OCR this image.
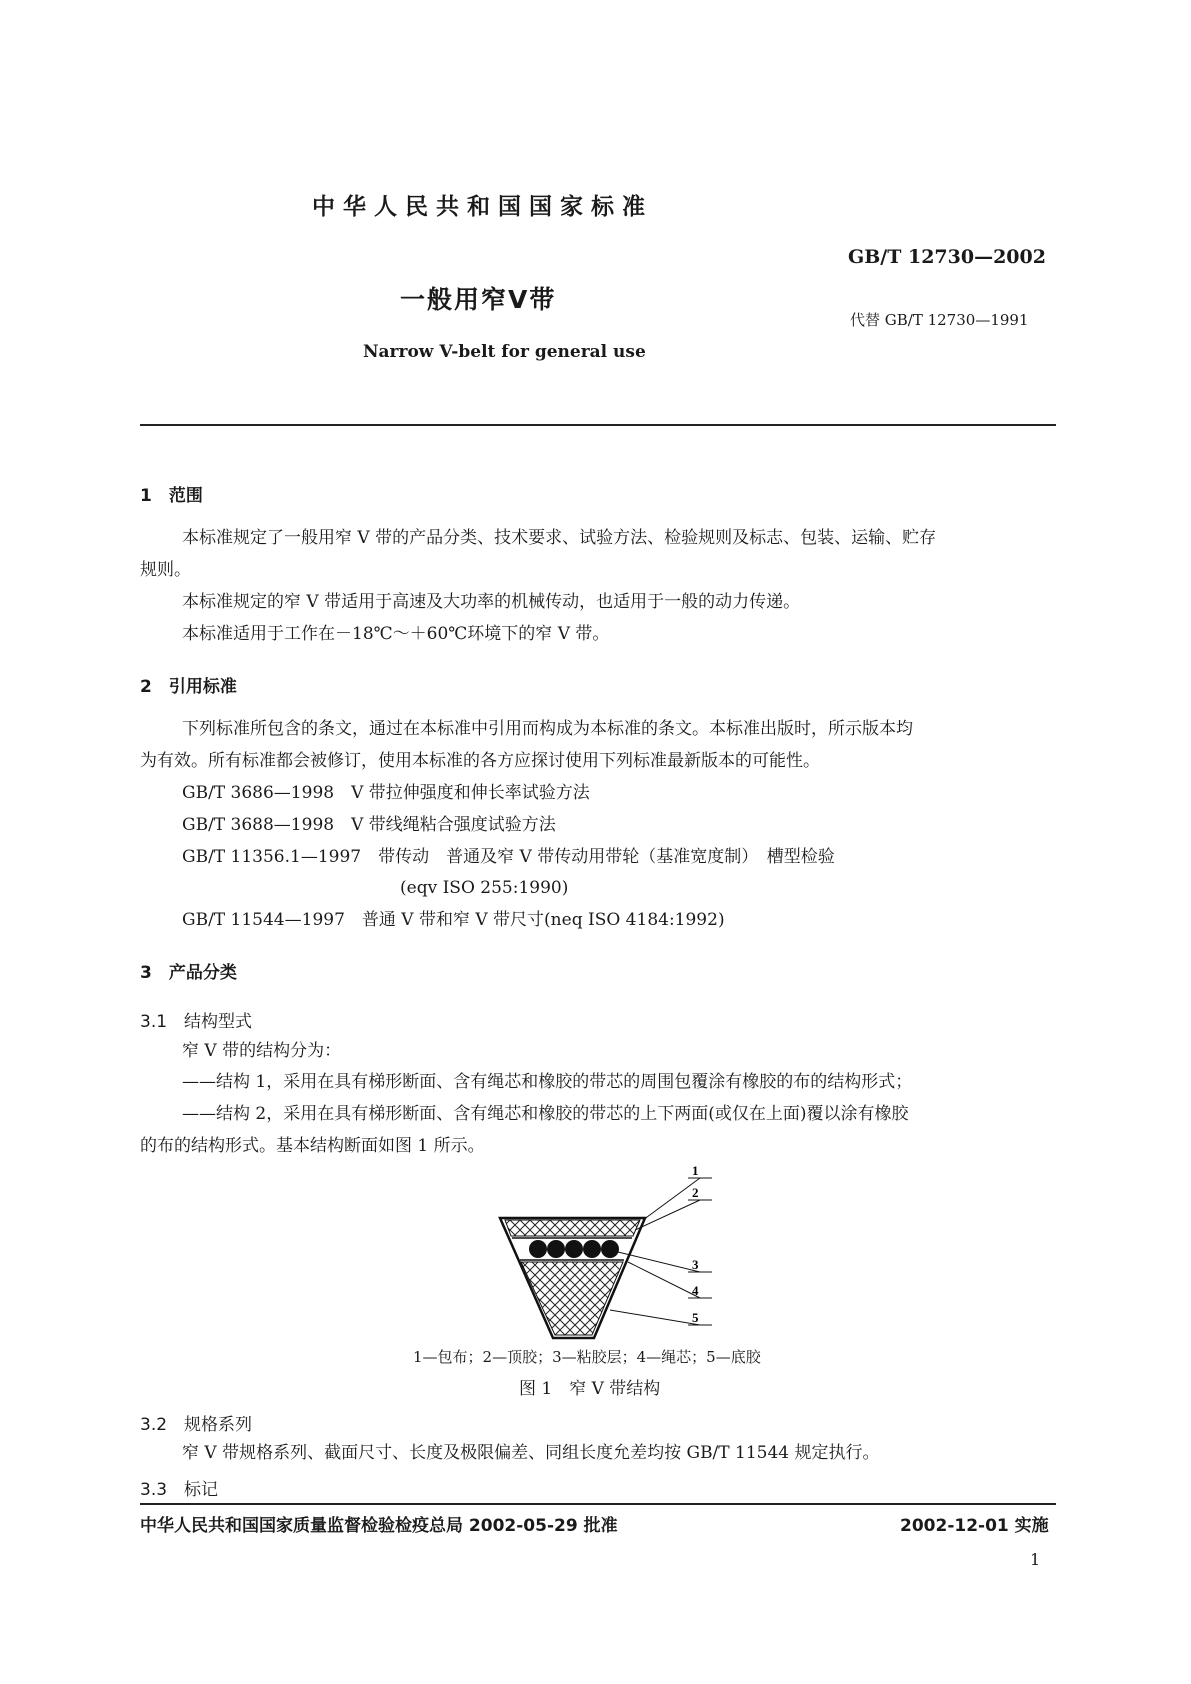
中华人民共和国国家标准
GB/T 12730—2002
一般用窄V带
代替 GB/T 12730—1991
Narrow V-belt for general use
1　范围
本标准规定了一般用窄 V 带的产品分类、技术要求、试验方法、检验规则及标志、包装、运输、贮存
规则。
本标准规定的窄 V 带适用于高速及大功率的机械传动，也适用于一般的动力传递。
本标准适用于工作在－18℃～＋60℃环境下的窄 V 带。
2　引用标准
下列标准所包含的条文，通过在本标准中引用而构成为本标准的条文。本标准出版时，所示版本均
为有效。所有标准都会被修订，使用本标准的各方应探讨使用下列标准最新版本的可能性。
GB/T 3686—1998　V 带拉伸强度和伸长率试验方法
GB/T 3688—1998　V 带线绳粘合强度试验方法
GB/T 11356.1—1997　带传动　普通及窄 V 带传动用带轮（基准宽度制）　槽型检验
(eqv ISO 255:1990)
GB/T 11544—1997　普通 V 带和窄 V 带尺寸(neq ISO 4184:1992)
3　产品分类
3.1　结构型式
窄 V 带的结构分为：
——结构 1，采用在具有梯形断面、含有绳芯和橡胶的带芯的周围包覆涂有橡胶的布的结构形式；
——结构 2，采用在具有梯形断面、含有绳芯和橡胶的带芯的上下两面(或仅在上面)覆以涂有橡胶
的布的结构形式。基本结构断面如图 1 所示。
1
2
3
4
5
1—包布；2—顶胶；3—粘胶层；4—绳芯；5—底胶
图 1　窄 V 带结构
3.2　规格系列
窄 V 带规格系列、截面尺寸、长度及极限偏差、同组长度允差均按 GB/T 11544 规定执行。
3.3　标记
中华人民共和国国家质量监督检验检疫总局 2002-05-29 批准	2002-12-01 实施
1
